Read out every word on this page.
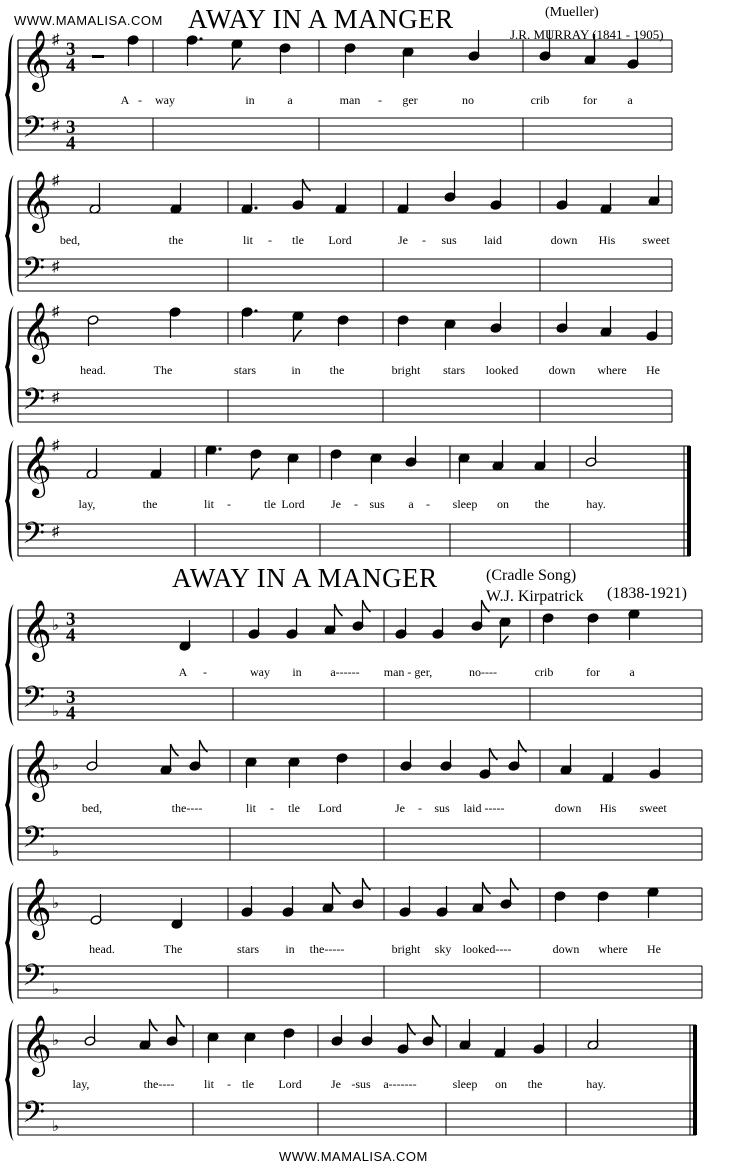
WWW.MAMALISA.COM AWAY IN A MANGER	(Mueller)
J.R. MURRAY (1841 - 1905)
AWAY IN A MANGER	(Cradle Song)
W.J. Kirpatrick (1838-1921)
WWW.MAMALISA.COM
𝄞
𝄢
♯
♯
3
4
3
4
A - way	in	a	man - ger	no	crib	for	a
𝄞
𝄢
♯
♯
bed,	the	lit - tle Lord	Je - sus laid	down His sweet
𝄞
𝄢
♯
♯
head.	The	stars	in the	bright stars looked	down where He
𝄞
𝄢
♯
♯
lay,	the	lit -	tle Lord Je - sus a - sleep on the	hay.
𝄞
𝄢
♭
♭
3
4
3
4
A -	way in a------ man - ger,	no----	crib	for a
𝄞
𝄢
♭
♭
bed,	the----	lit - tle Lord	Je - sus laid -----	down His sweet
𝄞
𝄢
♭
♭
head.	The	stars in the-----	bright sky looked----	down where He
𝄞
𝄢
♭
♭
lay,	the---- lit - tle Lord Je -sus a-------	sleep on the	hay.
